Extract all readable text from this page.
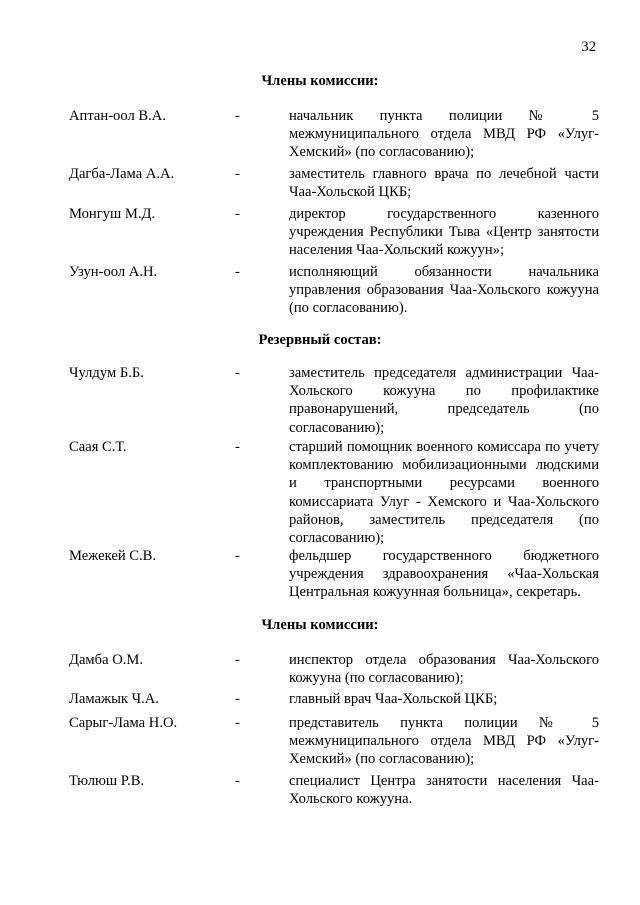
32
Члены комиссии:
Аптан-оол В.А.	-	начальник пункта полиции № 5 межмуниципального отдела МВД РФ «Улуг-Хемский» (по согласованию);
Дагба-Лама А.А.	-	заместитель главного врача по лечебной части Чаа-Хольской ЦКБ;
Монгуш М.Д.	-	директор государственного казенного учреждения Республики Тыва «Центр занятости населения Чаа-Хольский кожуун»;
Узун-оол А.Н.	-	исполняющий обязанности начальника управления образования Чаа-Хольского кожууна (по согласованию).
Резервный состав:
Чулдум Б.Б.	-	заместитель председателя администрации Чаа-Хольского кожууна по профилактике правонарушений, председатель (по согласованию);
Саая С.Т.	-	старший помощник военного комиссара по учету комплектованию мобилизационными людскими и транспортными ресурсами военного комиссариата Улуг - Хемского и Чаа-Хольского районов, заместитель председателя (по согласованию);
Межекей С.В.	-	фельдшер государственного бюджетного учреждения здравоохранения «Чаа-Хольская Центральная кожуунная больница», секретарь.
Члены комиссии:
Дамба О.М.	-	инспектор отдела образования Чаа-Хольского кожууна (по согласованию);
Ламажык Ч.А.	-	главный врач Чаа-Хольской ЦКБ;
Сарыг-Лама Н.О.	-	представитель пункта полиции № 5 межмуниципального отдела МВД РФ «Улуг-Хемский» (по согласованию);
Тюлюш Р.В.	-	специалист Центра занятости населения Чаа-Хольского кожууна.
